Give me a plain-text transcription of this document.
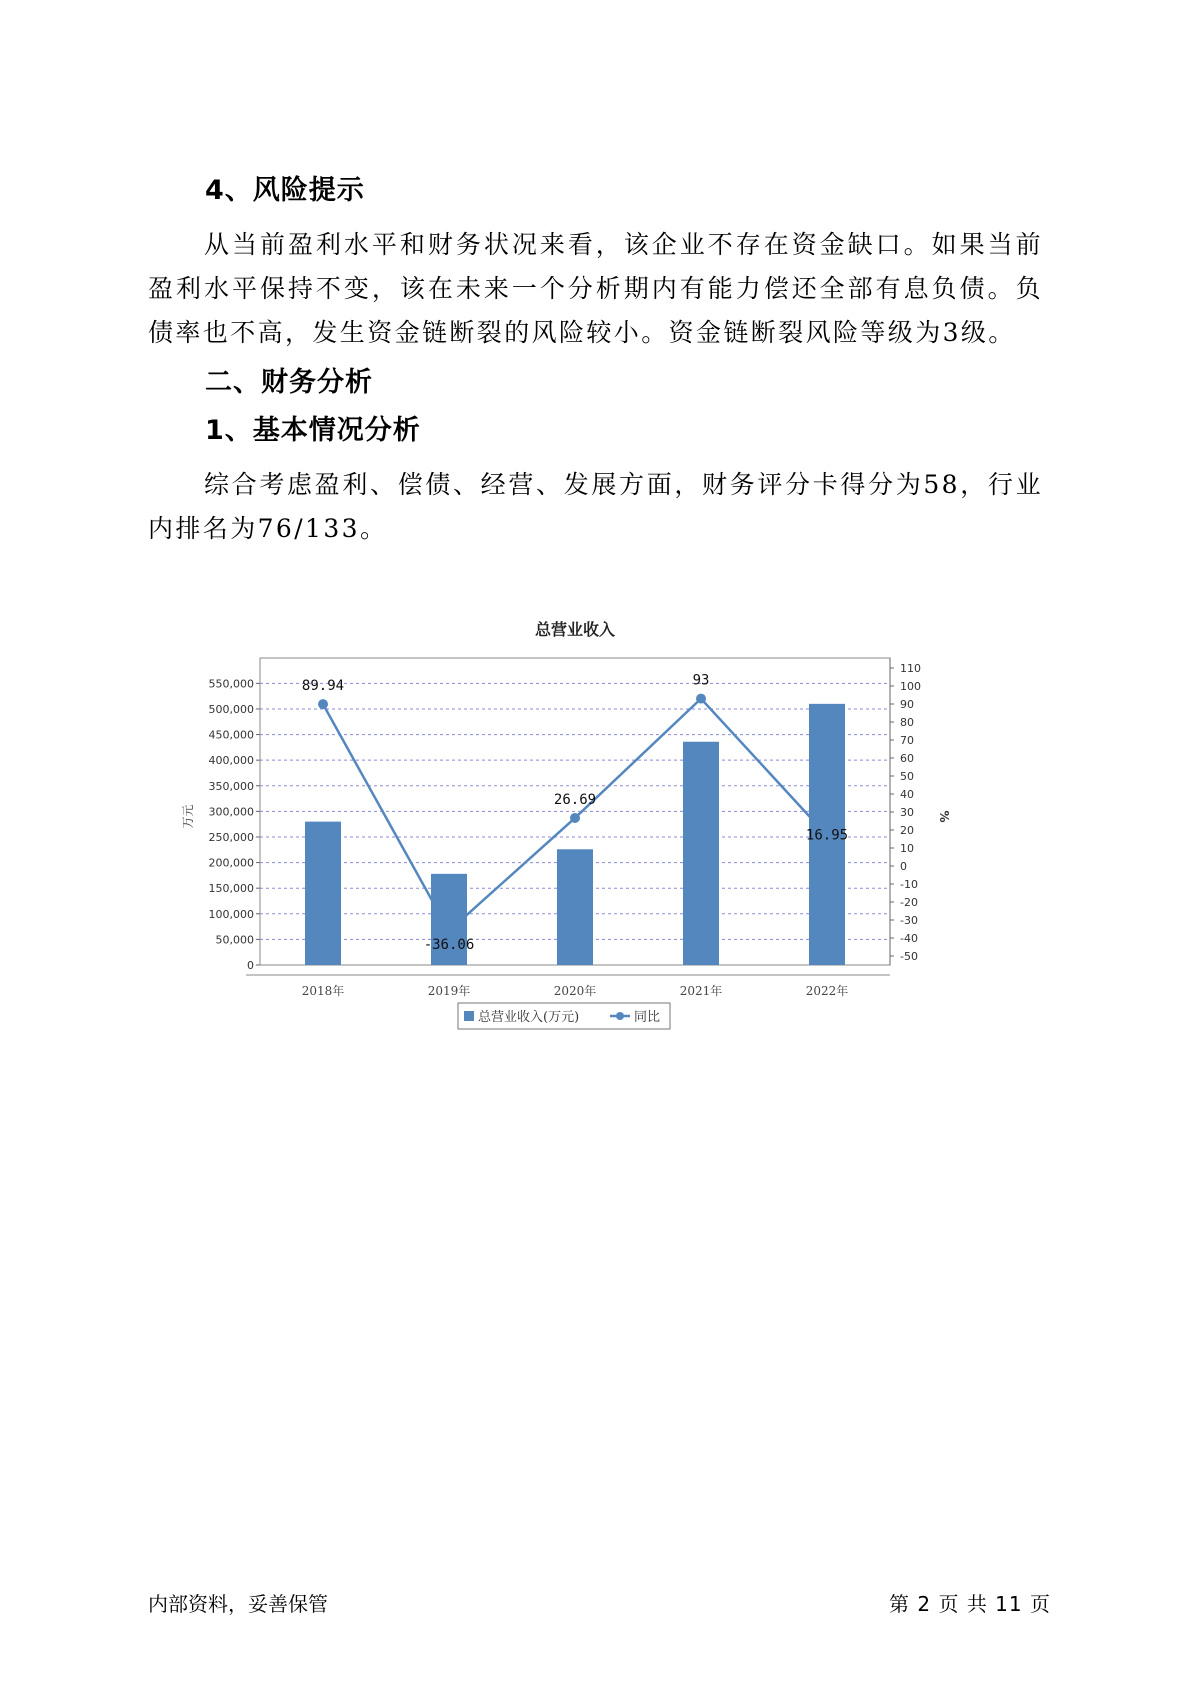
4、风险提示

从当前盈利水平和财务状况来看，该企业不存在资金缺口。如果当前盈利水平保持不变，该在未来一个分析期内有能力偿还全部有息负债。负债率也不高，发生资金链断裂的风险较小。资金链断裂风险等级为3级。

二、财务分析
1、基本情况分析

综合考虑盈利、偿债、经营、发展方面，财务评分卡得分为58，行业内排名为76/133。

总营业收入
0
50,000
100,000
150,000
200,000
250,000
300,000
350,000
400,000
450,000
500,000
550,000
-50
-40
-30
-20
-10
0
10
20
30
40
50
60
70
80
90
100
110
万元	%
2018年	2019年	2020年	2021年	2022年
89.94
-36.06
26.69
93
16.95
总营业收入(万元)	同比

内部资料，妥善保管	第 2 页 共 11 页
